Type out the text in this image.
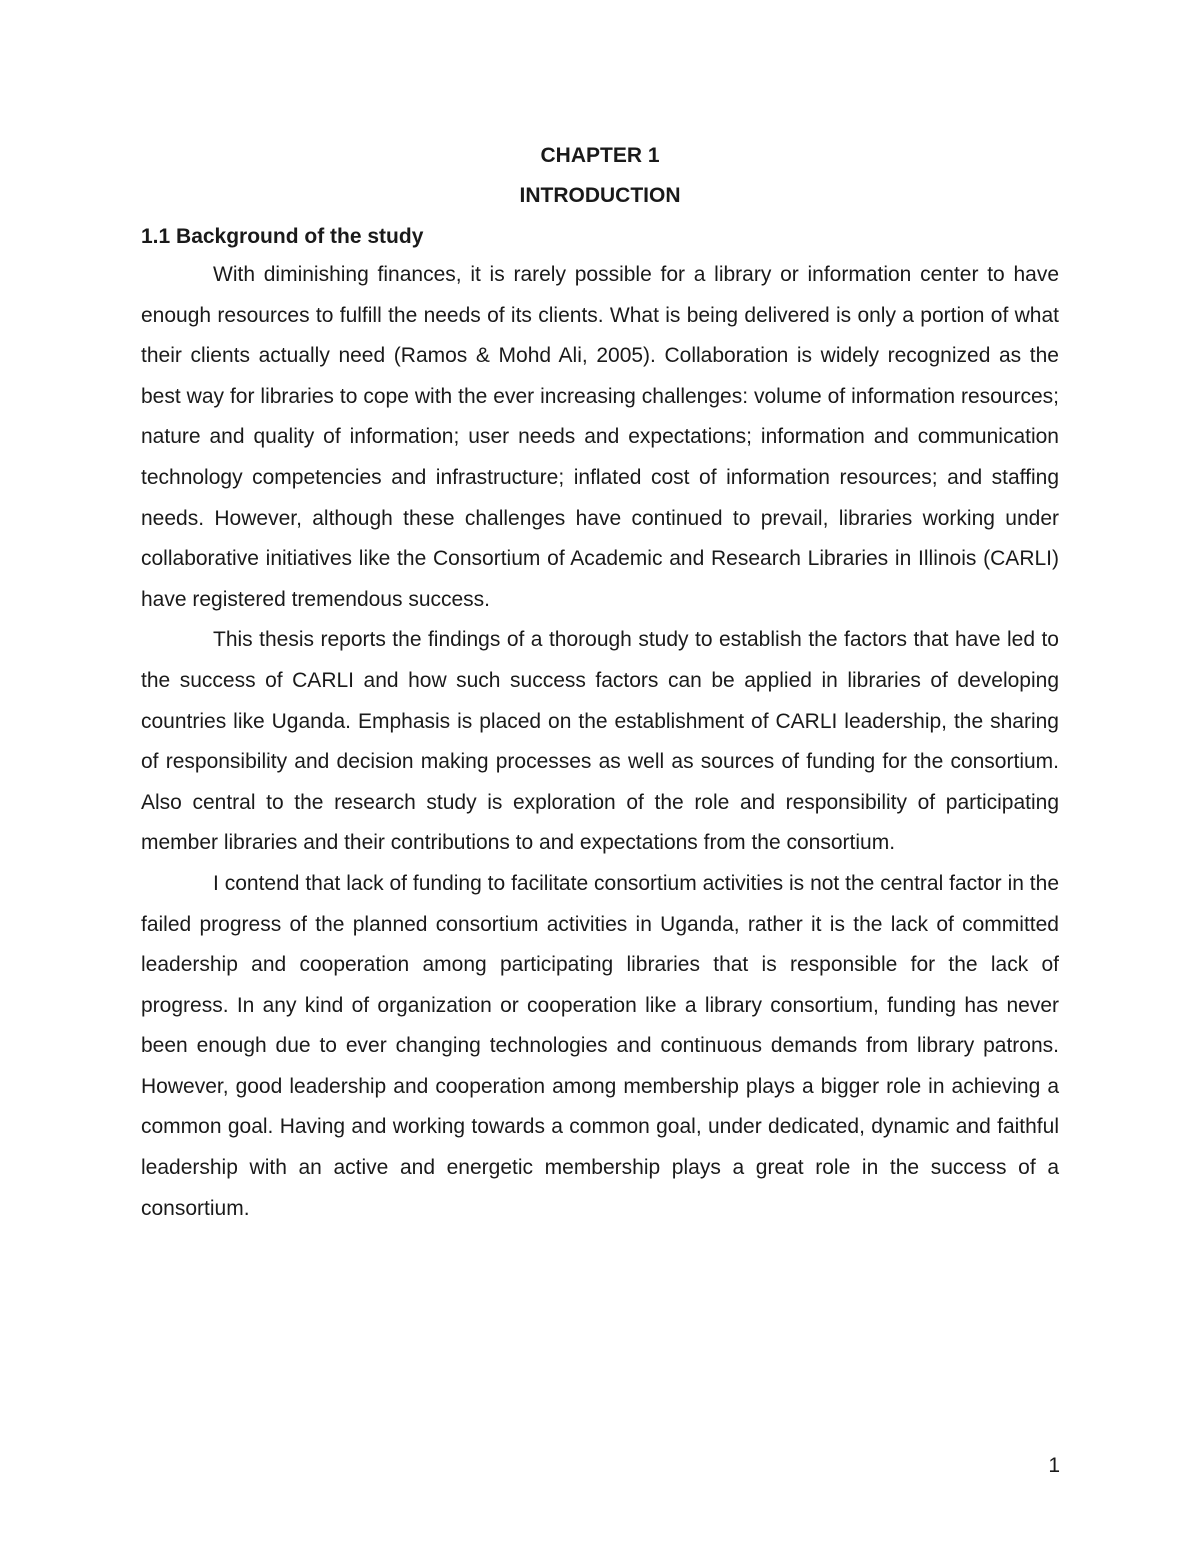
CHAPTER 1
INTRODUCTION
1.1 Background of the study

With diminishing finances, it is rarely possible for a library or information center to have enough resources to fulfill the needs of its clients. What is being delivered is only a portion of what their clients actually need (Ramos & Mohd Ali, 2005). Collaboration is widely recognized as the best way for libraries to cope with the ever increasing challenges: volume of information resources; nature and quality of information; user needs and expectations; information and communication technology competencies and infrastructure; inflated cost of information resources; and staffing needs. However, although these challenges have continued to prevail, libraries working under collaborative initiatives like the Consortium of Academic and Research Libraries in Illinois (CARLI) have registered tremendous success.

This thesis reports the findings of a thorough study to establish the factors that have led to the success of CARLI and how such success factors can be applied in libraries of developing countries like Uganda. Emphasis is placed on the establishment of CARLI leadership, the sharing of responsibility and decision making processes as well as sources of funding for the consortium. Also central to the research study is exploration of the role and responsibility of participating member libraries and their contributions to and expectations from the consortium.

I contend that lack of funding to facilitate consortium activities is not the central factor in the failed progress of the planned consortium activities in Uganda, rather it is the lack of committed leadership and cooperation among participating libraries that is responsible for the lack of progress. In any kind of organization or cooperation like a library consortium, funding has never been enough due to ever changing technologies and continuous demands from library patrons. However, good leadership and cooperation among membership plays a bigger role in achieving a common goal. Having and working towards a common goal, under dedicated, dynamic and faithful leadership with an active and energetic membership plays a great role in the success of a consortium.

1
